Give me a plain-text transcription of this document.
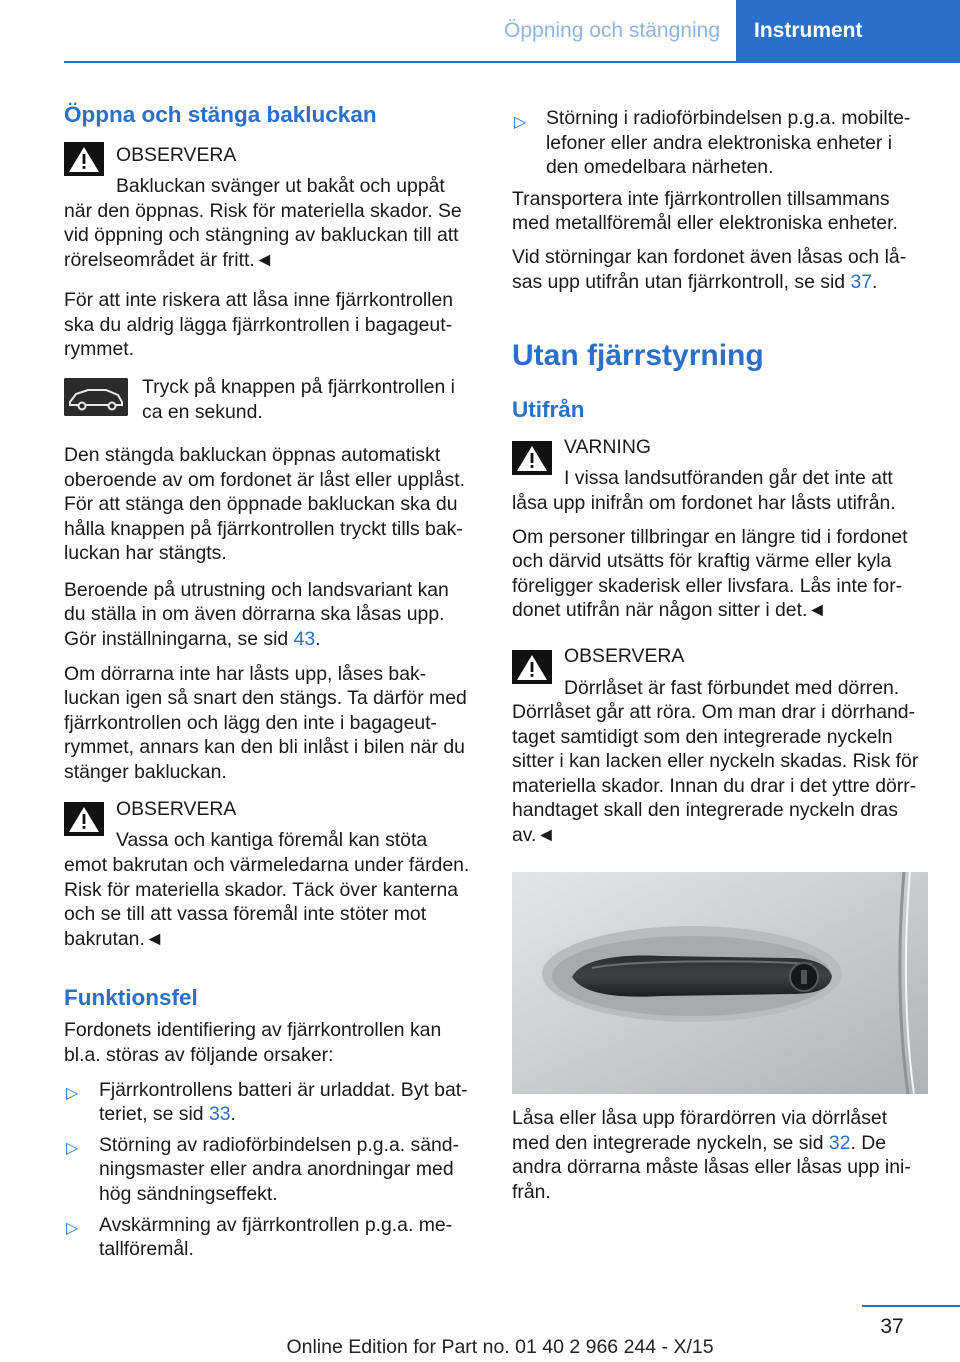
Öppning och stängning	Instrument
Öppna och stänga bakluckan
OBSERVERA
Bakluckan svänger ut bakåt och uppåt
när den öppnas. Risk för materiella skador. Se
vid öppning och stängning av bakluckan till att
rörelseområdet är fritt.◄
För att inte riskera att låsa inne fjärrkontrollen
ska du aldrig lägga fjärrkontrollen i bagageut‐
rymmet.
Tryck på knappen på fjärrkontrollen i
ca en sekund.
Den stängda bakluckan öppnas automatiskt
oberoende av om fordonet är låst eller upplåst.
För att stänga den öppnade bakluckan ska du
hålla knappen på fjärrkontrollen tryckt tills bak‐
luckan har stängts.
Beroende på utrustning och landsvariant kan
du ställa in om även dörrarna ska låsas upp.
Gör inställningarna, se sid 43.
Om dörrarna inte har låsts upp, låses bak‐
luckan igen så snart den stängs. Ta därför med
fjärrkontrollen och lägg den inte i bagageut‐
rymmet, annars kan den bli inlåst i bilen när du
stänger bakluckan.
OBSERVERA
Vassa och kantiga föremål kan stöta
emot bakrutan och värmeledarna under färden.
Risk för materiella skador. Täck över kanterna
och se till att vassa föremål inte stöter mot
bakrutan.◄
Funktionsfel
Fordonets identifiering av fjärrkontrollen kan
bl.a. störas av följande orsaker:
▷ Fjärrkontrollens batteri är urladdat. Byt bat‐
teriet, se sid 33.
▷ Störning av radioförbindelsen p.g.a. sänd‐
ningsmaster eller andra anordningar med
hög sändningseffekt.
▷ Avskärmning av fjärrkontrollen p.g.a. me‐
tallföremål.
▷ Störning i radioförbindelsen p.g.a. mobilte‐
lefoner eller andra elektroniska enheter i
den omedelbara närheten.
Transportera inte fjärrkontrollen tillsammans
med metallföremål eller elektroniska enheter.
Vid störningar kan fordonet även låsas och lå‐
sas upp utifrån utan fjärrkontroll, se sid 37.
Utan fjärrstyrning
Utifrån
VARNING
I vissa landsutföranden går det inte att
låsa upp inifrån om fordonet har låsts utifrån.
Om personer tillbringar en längre tid i fordonet
och därvid utsätts för kraftig värme eller kyla
föreligger skaderisk eller livsfara. Lås inte for‐
donet utifrån när någon sitter i det.◄
OBSERVERA
Dörrlåset är fast förbundet med dörren.
Dörrlåset går att röra. Om man drar i dörrhand‐
taget samtidigt som den integrerade nyckeln
sitter i kan lacken eller nyckeln skadas. Risk för
materiella skador. Innan du drar i det yttre dörr‐
handtaget skall den integrerade nyckeln dras
av.◄
Låsa eller låsa upp förardörren via dörrlåset
med den integrerade nyckeln, se sid 32. De
andra dörrarna måste låsas eller låsas upp ini‐
från.
37
Online Edition for Part no. 01 40 2 966 244 - X/15
